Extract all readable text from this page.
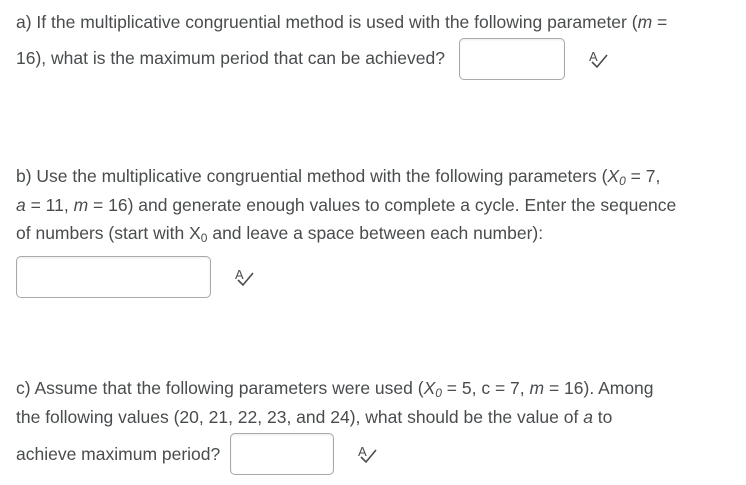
a) If the multiplicative congruential method is used with the following parameter (m =
16), what is the maximum period that can be achieved?	A
b) Use the multiplicative congruential method with the following parameters ($X_0 = 7$,
a = 11, m = 16) and generate enough values to complete a cycle. Enter the sequence
of numbers (start with $X_0$ and leave a space between each number):
A
c) Assume that the following parameters were used ($X_0 = 5$, c = 7, m = 16). Among
the following values (20, 21, 22, 23, and 24), what should be the value of a to
achieve maximum period?	A
